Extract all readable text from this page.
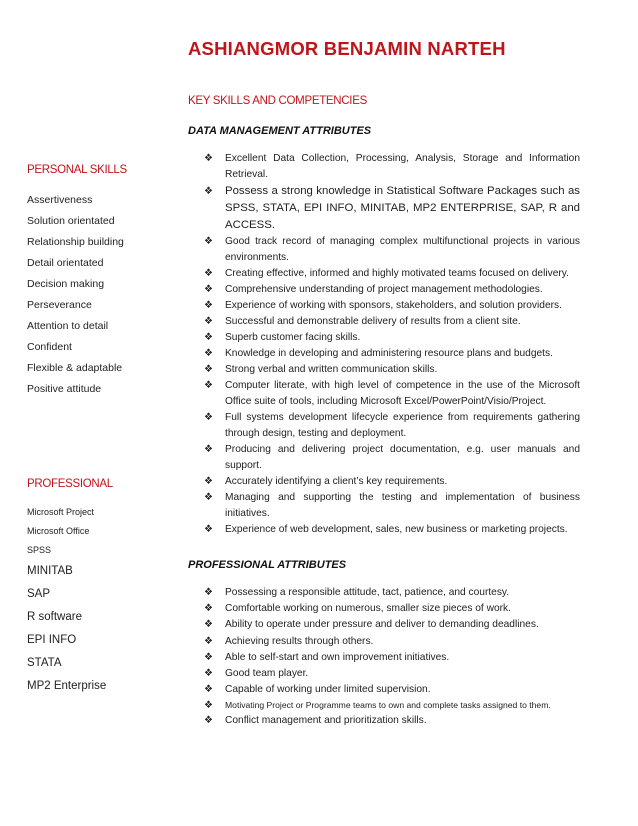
ASHIANGMOR BENJAMIN NARTEH
KEY SKILLS AND COMPETENCIES
DATA MANAGEMENT ATTRIBUTES
PERSONAL SKILLS
Assertiveness
Solution orientated
Relationship building
Detail orientated
Decision making
Perseverance
Attention to detail
Confident
Flexible & adaptable
Positive attitude
PROFESSIONAL
Microsoft Project
Microsoft Office
SPSS
MINITAB
SAP
R software
EPI INFO
STATA
MP2 Enterprise
❖ Excellent Data Collection, Processing, Analysis, Storage and Information Retrieval.
❖ Possess a strong knowledge in Statistical Software Packages such as SPSS, STATA, EPI INFO, MINITAB, MP2 ENTERPRISE, SAP, R and ACCESS.
❖ Good track record of managing complex multifunctional projects in various environments.
❖ Creating effective, informed and highly motivated teams focused on delivery.
❖ Comprehensive understanding of project management methodologies.
❖ Experience of working with sponsors, stakeholders, and solution providers.
❖ Successful and demonstrable delivery of results from a client site.
❖ Superb customer facing skills.
❖ Knowledge in developing and administering resource plans and budgets.
❖ Strong verbal and written communication skills.
❖ Computer literate, with high level of competence in the use of the Microsoft Office suite of tools, including Microsoft Excel/PowerPoint/Visio/Project.
❖ Full systems development lifecycle experience from requirements gathering through design, testing and deployment.
❖ Producing and delivering project documentation, e.g. user manuals and support.
❖ Accurately identifying a client’s key requirements.
❖ Managing and supporting the testing and implementation of business initiatives.
❖ Experience of web development, sales, new business or marketing projects.
PROFESSIONAL ATTRIBUTES
❖ Possessing a responsible attitude, tact, patience, and courtesy.
❖ Comfortable working on numerous, smaller size pieces of work.
❖ Ability to operate under pressure and deliver to demanding deadlines.
❖ Achieving results through others.
❖ Able to self-start and own improvement initiatives.
❖ Good team player.
❖ Capable of working under limited supervision.
❖ Motivating Project or Programme teams to own and complete tasks assigned to them.
❖ Conflict management and prioritization skills.
